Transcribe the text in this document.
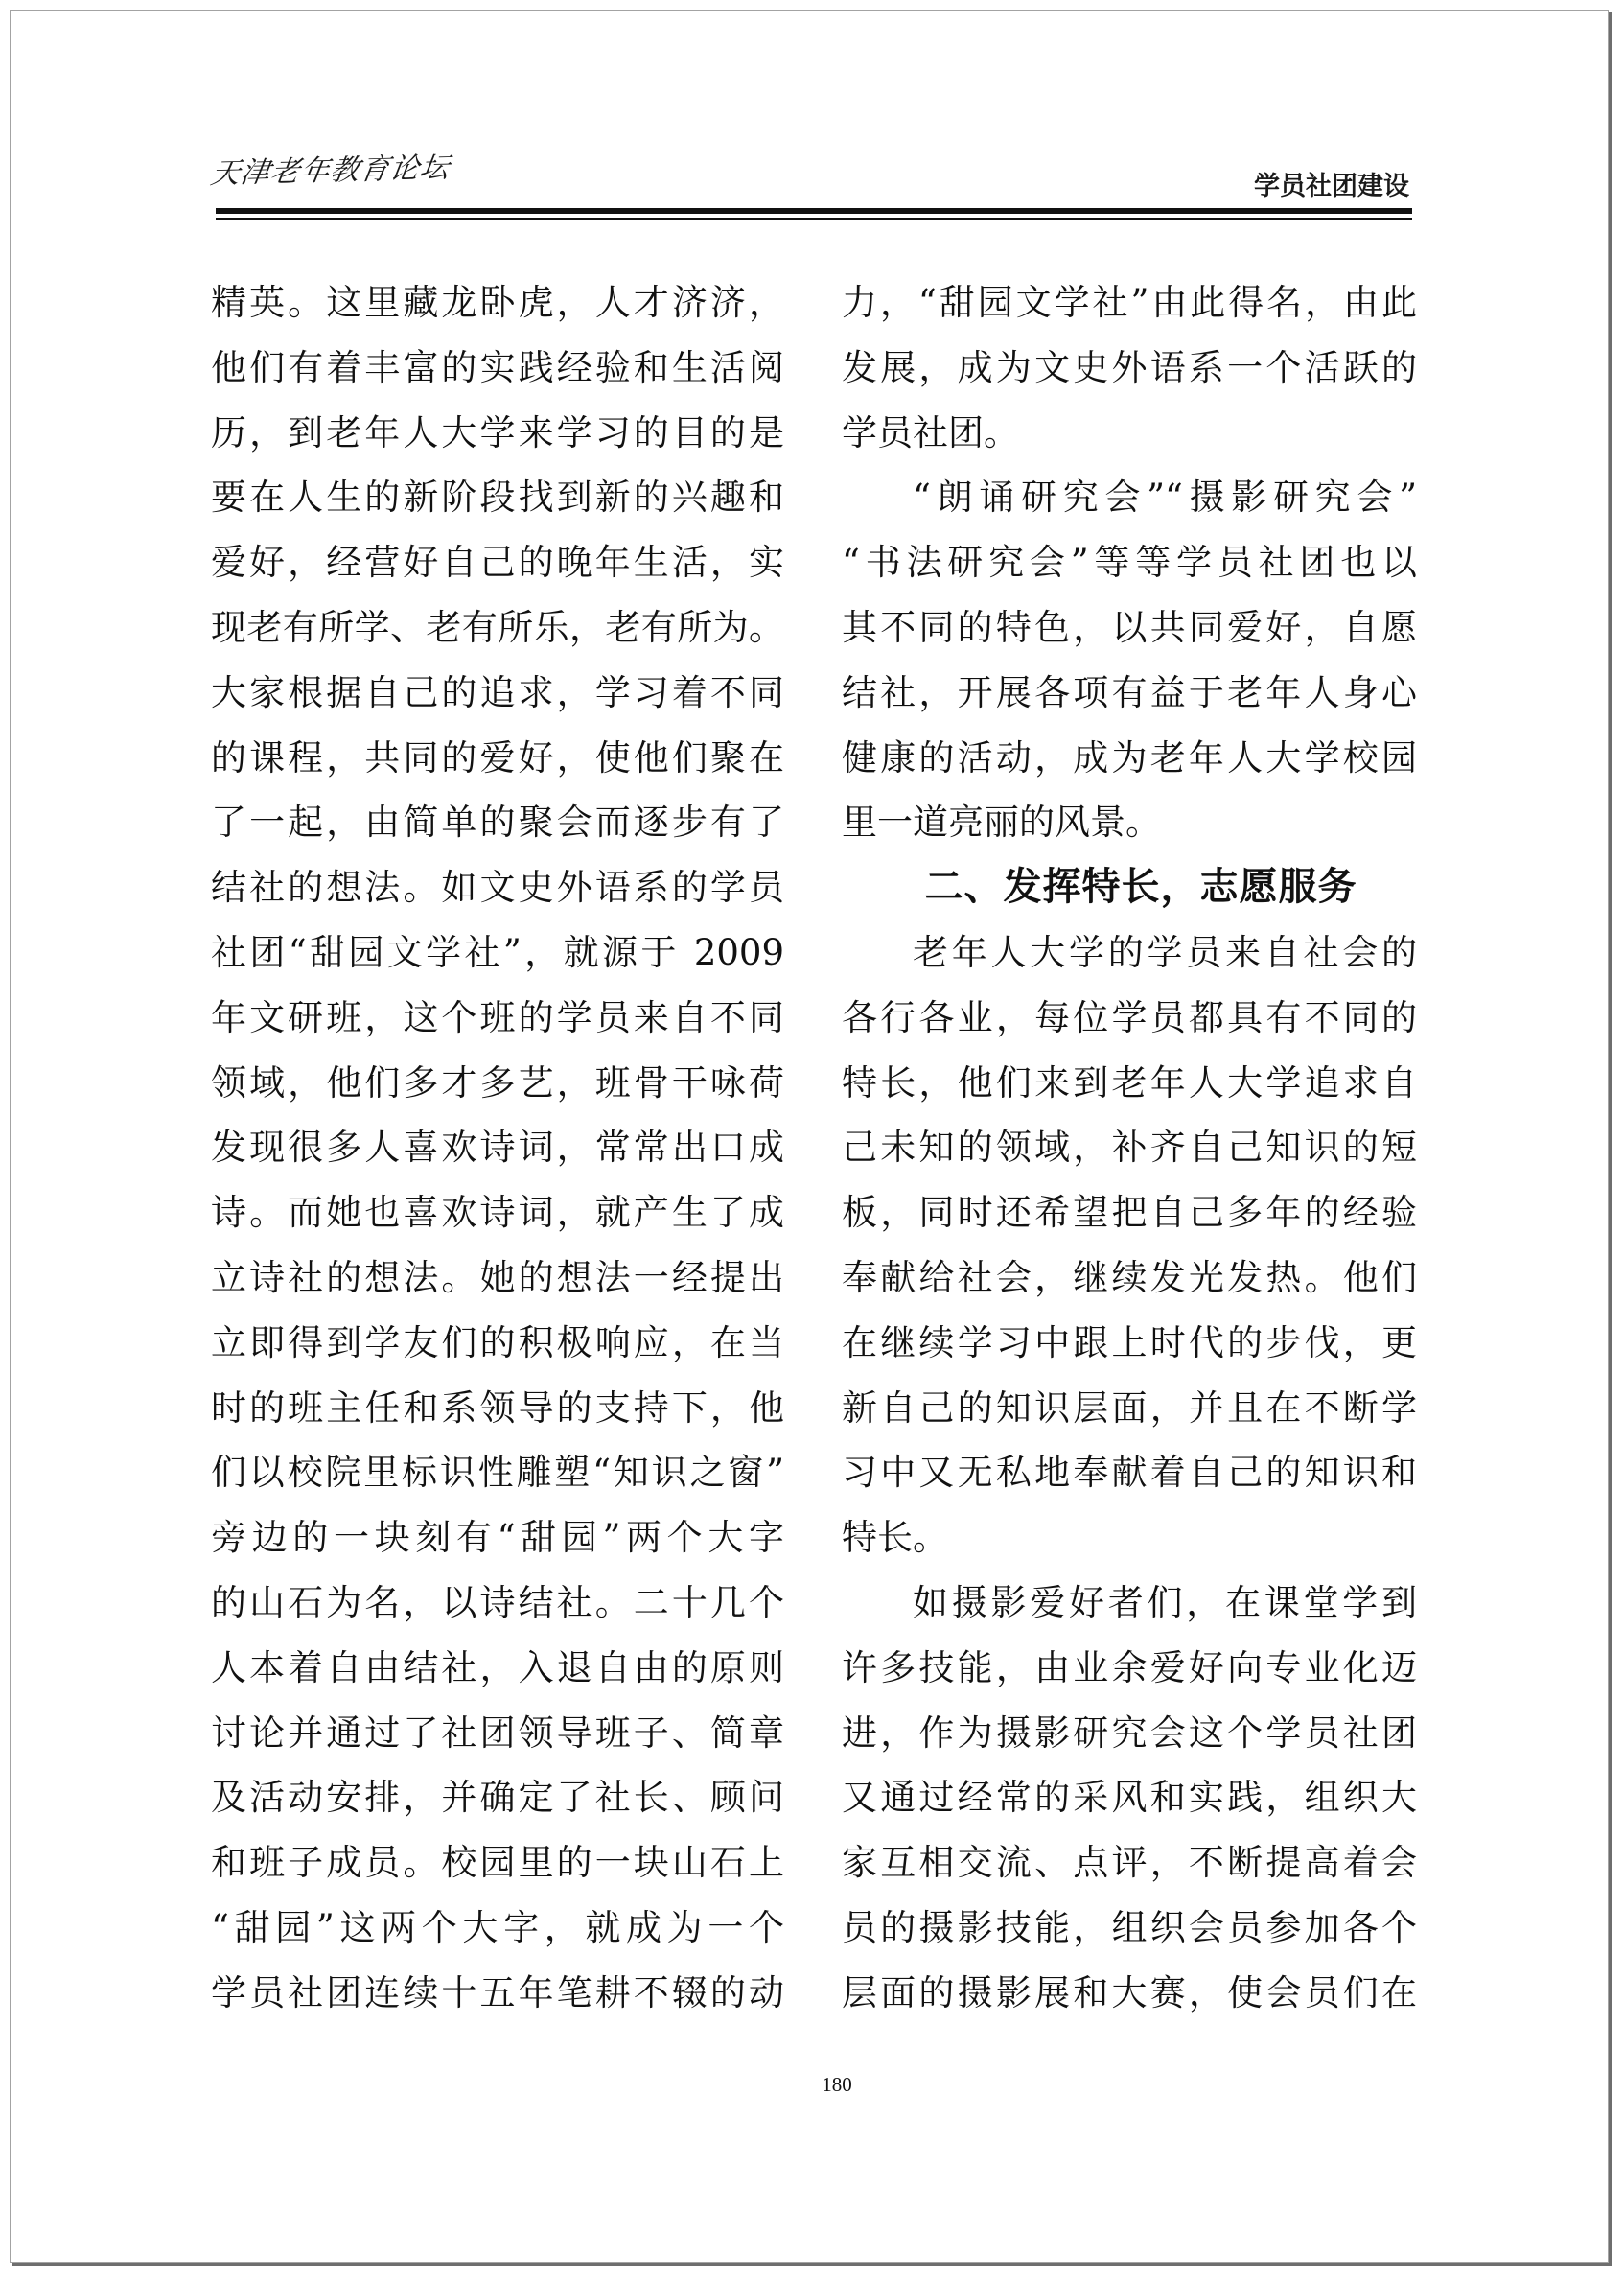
天津老年教育论坛	学员社团建设
精英。这里藏龙卧虎，人才济济，
他们有着丰富的实践经验和生活阅
历，到老年人大学来学习的目的是
要在人生的新阶段找到新的兴趣和
爱好，经营好自己的晚年生活，实
现老有所学、老有所乐，老有所为。
大家根据自己的追求，学习着不同
的课程，共同的爱好，使他们聚在
了一起，由简单的聚会而逐步有了
结社的想法。如文史外语系的学员
社团“甜园文学社”，就源于 2009
年文研班，这个班的学员来自不同
领域，他们多才多艺，班骨干咏荷
发现很多人喜欢诗词，常常出口成
诗。而她也喜欢诗词，就产生了成
立诗社的想法。她的想法一经提出
立即得到学友们的积极响应，在当
时的班主任和系领导的支持下，他
们以校院里标识性雕塑“知识之窗”
旁边的一块刻有“甜园”两个大字
的山石为名，以诗结社。二十几个
人本着自由结社，入退自由的原则
讨论并通过了社团领导班子、简章
及活动安排，并确定了社长、顾问
和班子成员。校园里的一块山石上
“甜园”这两个大字，就成为一个
学员社团连续十五年笔耕不辍的动
力，“甜园文学社”由此得名，由此
发展，成为文史外语系一个活跃的
学员社团。
“朗诵研究会”“摄影研究会”
“书法研究会”等等学员社团也以
其不同的特色，以共同爱好，自愿
结社，开展各项有益于老年人身心
健康的活动，成为老年人大学校园
里一道亮丽的风景。
二、发挥特长，志愿服务
老年人大学的学员来自社会的
各行各业，每位学员都具有不同的
特长，他们来到老年人大学追求自
己未知的领域，补齐自己知识的短
板，同时还希望把自己多年的经验
奉献给社会，继续发光发热。他们
在继续学习中跟上时代的步伐，更
新自己的知识层面，并且在不断学
习中又无私地奉献着自己的知识和
特长。
如摄影爱好者们，在课堂学到
许多技能，由业余爱好向专业化迈
进，作为摄影研究会这个学员社团
又通过经常的采风和实践，组织大
家互相交流、点评，不断提高着会
员的摄影技能，组织会员参加各个
层面的摄影展和大赛，使会员们在
180
